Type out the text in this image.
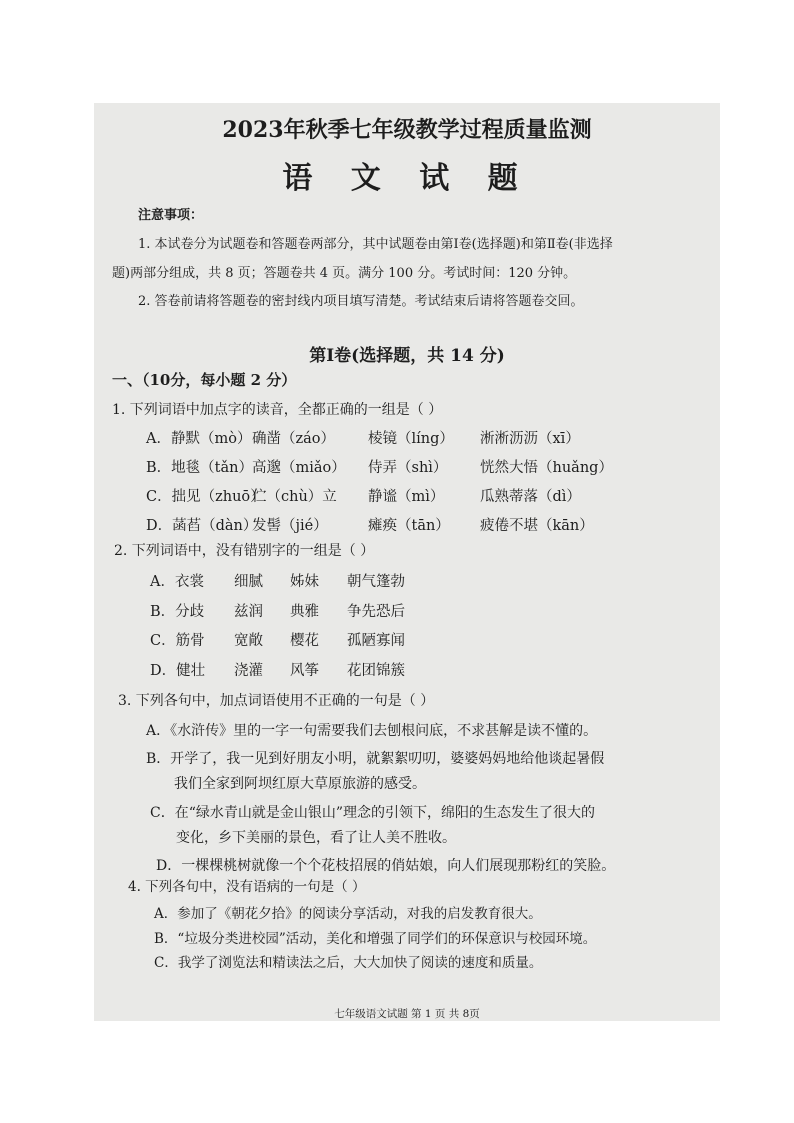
2023年秋季七年级教学过程质量监测
语 文 试 题
注意事项：
1. 本试卷分为试题卷和答题卷两部分，其中试题卷由第Ⅰ卷(选择题)和第Ⅱ卷(非选择
题)两部分组成，共 8 页；答题卷共 4 页。满分 100 分。考试时间：120 分钟。
2. 答卷前请将答题卷的密封线内项目填写清楚。考试结束后请将答题卷交回。
第Ⅰ卷(选择题，共 14 分)
一、（10分，每小题 2 分）
1. 下列词语中加点字的读音，全都正确的一组是（ ）
A．静默（mò）确凿（záo） 棱镜（líng） 淅淅沥沥（xī）
B．地毯（tǎn）高邈（miǎo） 侍弄（shì） 恍然大悟（huǎng）
C．拙见（zhuō）伫（chù）立 静谧（mì） 瓜熟蒂落（dì）
D．菡萏（dàn）发髻（jié）	瘫痪（tān） 疲倦不堪（kān）
2. 下列词语中，没有错别字的一组是（ ）
A．衣裳 细腻 姊妹 朝气篷勃
B．分歧 兹润 典雅 争先恐后
C．筋骨 宽敞 樱花 孤陋寡闻
D．健壮 浇灌 风筝 花团锦簇
3. 下列各句中，加点词语使用不正确的一句是（ ）
A．《水浒传》里的一字一句需要我们去刨根问底，不求甚解是读不懂的。
B．开学了，我一见到好朋友小明，就絮絮叨叨，婆婆妈妈地给他谈起暑假
我们全家到阿坝红原大草原旅游的感受。
C．在“绿水青山就是金山银山”理念的引领下，绵阳的生态发生了很大的
变化，乡下美丽的景色，看了让人美不胜收。
D．一棵棵桃树就像一个个花枝招展的俏姑娘，向人们展现那粉红的笑脸。
4. 下列各句中，没有语病的一句是（ ）
A．参加了《朝花夕拾》的阅读分享活动，对我的启发教育很大。
B．“垃圾分类进校园”活动，美化和增强了同学们的环保意识与校园环境。
C．我学了浏览法和精读法之后，大大加快了阅读的速度和质量。
七年级语文试题 第 1 页 共 8页
